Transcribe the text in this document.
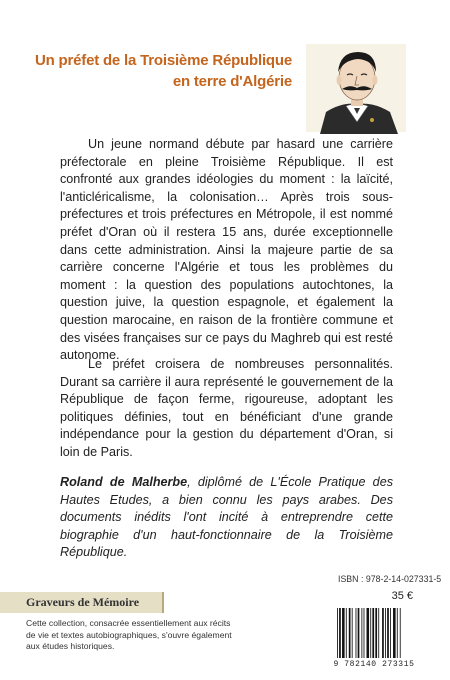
Un préfet de la Troisième République
en terre d'Algérie
Un jeune normand débute par hasard une carrière préfectorale en pleine Troisième République. Il est confronté aux grandes idéologies du moment : la laïcité, l'anticléricalisme, la colonisation… Après trois sous-préfectures et trois préfectures en Métropole, il est nommé préfet d'Oran où il restera 15 ans, durée exceptionnelle dans cette administration. Ainsi la majeure partie de sa carrière concerne l'Algérie et tous les problèmes du moment : la question des populations autochtones, la question juive, la question espagnole, et également la question marocaine, en raison de la frontière commune et des visées françaises sur ce pays du Maghreb qui est resté autonome.
Le préfet croisera de nombreuses personnalités. Durant sa carrière il aura représenté le gouvernement de la République de façon ferme, rigoureuse, adoptant les politiques définies, tout en bénéficiant d'une grande indépendance pour la gestion du département d'Oran, si loin de Paris.
Roland de Malherbe, diplômé de L'École Pratique des Hautes Etudes, a bien connu les pays arabes. Des documents inédits l'ont incité à entreprendre cette biographie d'un haut-fonctionnaire de la Troisième République.
ISBN : 978-2-14-027331-5
35 €
Graveurs de Mémoire
Cette collection, consacrée essentiellement aux récits de vie et textes autobiographiques, s'ouvre également aux études historiques.
9 782140 273315
